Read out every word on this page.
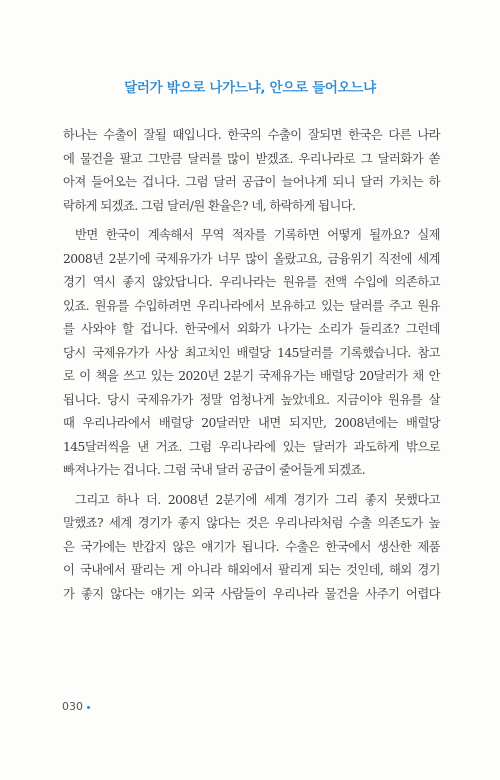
달러가 밖으로 나가느냐, 안으로 들어오느냐
하나는 수출이 잘될 때입니다. 한국의 수출이 잘되면 한국은 다른 나라
에 물건을 팔고 그만큼 달러를 많이 받겠죠. 우리나라로 그 달러화가 쏟
아져 들어오는 겁니다. 그럼 달러 공급이 늘어나게 되니 달러 가치는 하
락하게 되겠죠. 그럼 달러/원 환율은? 네, 하락하게 됩니다.
반면 한국이 계속해서 무역 적자를 기록하면 어떻게 될까요? 실제
2008년 2분기에 국제유가가 너무 많이 올랐고요, 금융위기 직전에 세계
경기 역시 좋지 않았답니다. 우리나라는 원유를 전액 수입에 의존하고
있죠. 원유를 수입하려면 우리나라에서 보유하고 있는 달러를 주고 원유
를 사와야 할 겁니다. 한국에서 외화가 나가는 소리가 들리죠? 그런데
당시 국제유가가 사상 최고치인 배럴당 145달러를 기록했습니다. 참고
로 이 책을 쓰고 있는 2020년 2분기 국제유가는 배럴당 20달러가 채 안
됩니다. 당시 국제유가가 정말 엄청나게 높았네요. 지금이야 원유를 살
때 우리나라에서 배럴당 20달러만 내면 되지만, 2008년에는 배럴당
145달러씩을 낸 거죠. 그럼 우리나라에 있는 달러가 과도하게 밖으로
빠져나가는 겁니다. 그럼 국내 달러 공급이 줄어들게 되겠죠.
그리고 하나 더. 2008년 2분기에 세계 경기가 그리 좋지 못했다고
말했죠? 세계 경기가 좋지 않다는 것은 우리나라처럼 수출 의존도가 높
은 국가에는 반갑지 않은 얘기가 됩니다. 수출은 한국에서 생산한 제품
이 국내에서 팔리는 게 아니라 해외에서 팔리게 되는 것인데, 해외 경기
가 좋지 않다는 얘기는 외국 사람들이 우리나라 물건을 사주기 어렵다
030
